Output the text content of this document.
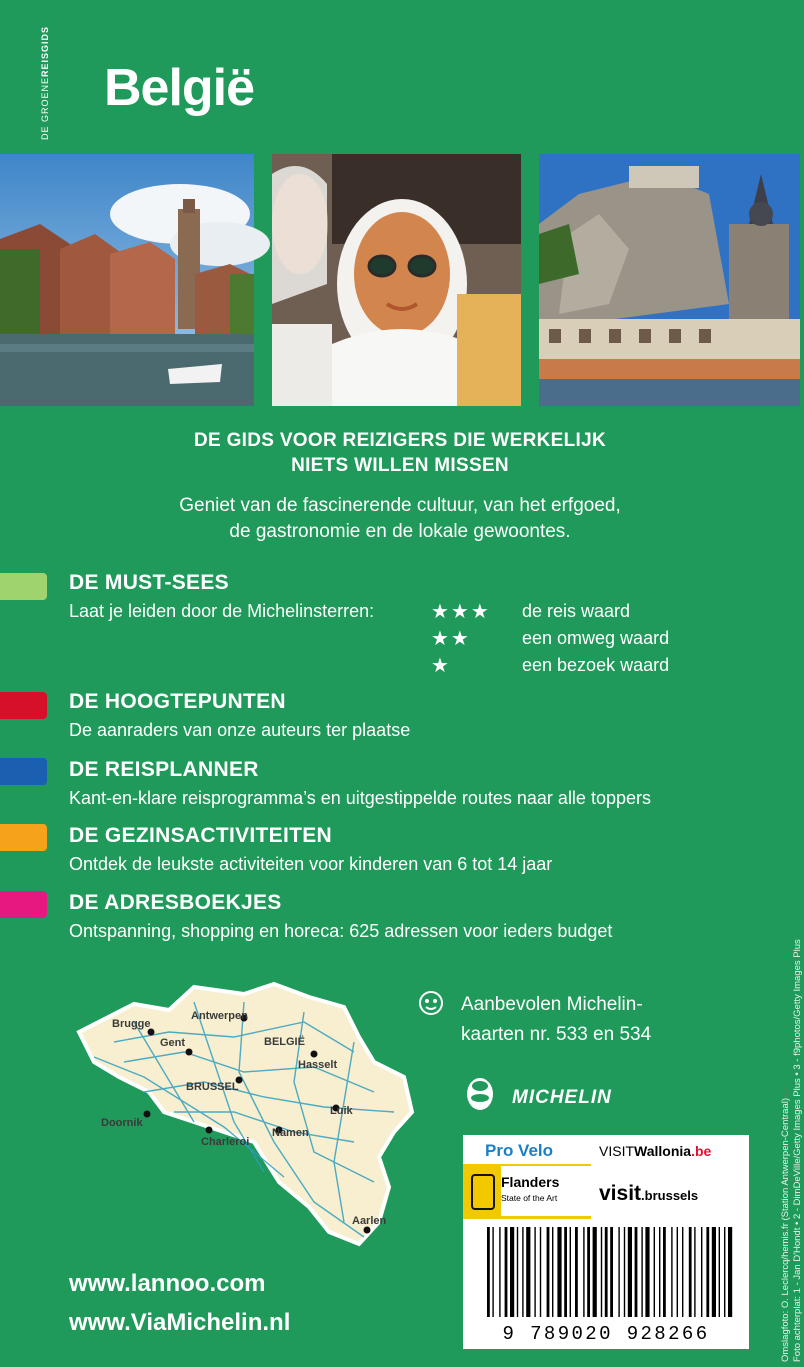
DE GROENEREISGIDS
België
DE GIDS VOOR REIZIGERS DIE WERKELIJK
NIETS WILLEN MISSEN
Geniet van de fascinerende cultuur, van het erfgoed,
de gastronomie en de lokale gewoontes.
DE MUST-SEES
Laat je leiden door de Michelinsterren:	★★★ de reis waard
★★	een omweg waard
★	een bezoek waard
DE HOOGTEPUNTEN
De aanraders van onze auteurs ter plaatse
DE REISPLANNER
Kant-en-klare reisprogramma’s en uitgestippelde routes naar alle toppers
DE GEZINSACTIVITEITEN
Ontdek de leukste activiteiten voor kinderen van 6 tot 14 jaar
DE ADRESBOEKJES
Ontspanning, shopping en horeca: 625 adressen voor ieders budget
Antwerpen
Brugge
Gent	BELGIË
Hasselt
BRUSSEL
Doornik
Luik
Charleroi
Namen
Aarlen
Aanbevolen Michelin-
kaarten nr. 533 en 534
MICHELIN
Pro Velo	VISITWallonia.be
Flanders
State of the Art visit.brussels
9 789020 928266	Omslagfoto: O. Leclercq/hemis.fr (Station Antwerpen-Centraal) Foto achterplat: 1 - Jan D'Hondt • 2 - DimDeVille/Getty Images Plus • 3 - f9photos/Getty Images Plus
www.lannoo.com
www.ViaMichelin.nl
